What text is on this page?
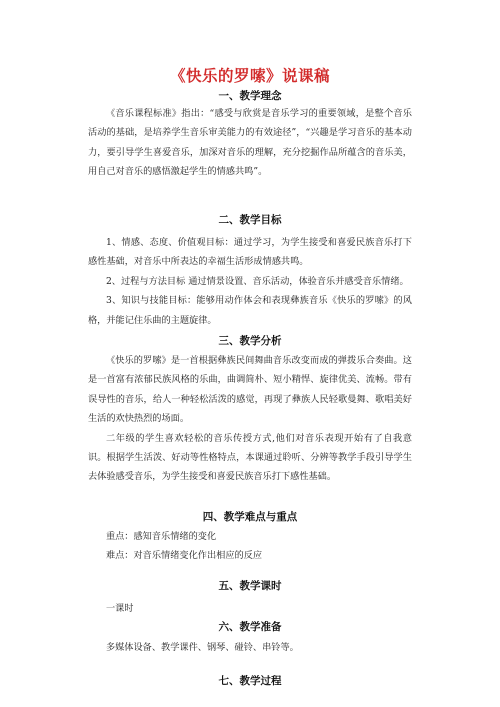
《快乐的罗嗦》说课稿
一、教学理念

《音乐课程标准》指出：“感受与欣赏是音乐学习的重要领域，是整个音乐活动的基础，是培养学生音乐审美能力的有效途径”，“兴趣是学习音乐的基本动力，要引导学生喜爱音乐，加深对音乐的理解，充分挖掘作品所蕴含的音乐美，用自己对音乐的感悟激起学生的情感共鸣”。

二、教学目标

1、情感、态度、价值观目标：通过学习，为学生接受和喜爱民族音乐打下感性基础，对音乐中所表达的幸福生活形成情感共鸣。

2、过程与方法目标 通过情景设置、音乐活动，体验音乐并感受音乐情绪。

3、知识与技能目标：能够用动作体会和表现彝族音乐《快乐的罗嗦》的风格，并能记住乐曲的主题旋律。

三、教学分析

《快乐的罗嗦》是一首根据彝族民间舞曲音乐改变而成的弹拨乐合奏曲。这是一首富有浓郁民族风格的乐曲，曲调简朴、短小精悍、旋律优美、流畅。带有误导性的音乐，给人一种轻松活泼的感觉，再现了彝族人民轻歌曼舞、歌唱美好生活的欢快热烈的场面。

二年级的学生喜欢轻松的音乐传授方式,他们对音乐表现开始有了自我意识。根据学生活泼、好动等性格特点，本课通过聆听、分辨等教学手段引导学生去体验感受音乐，为学生接受和喜爱民族音乐打下感性基础。

四、教学难点与重点

重点：感知音乐情绪的变化

难点：对音乐情绪变化作出相应的反应

五、教学课时

一课时

六、教学准备

多媒体设备、教学课件、钢琴、碰铃、串铃等。

七、教学过程
